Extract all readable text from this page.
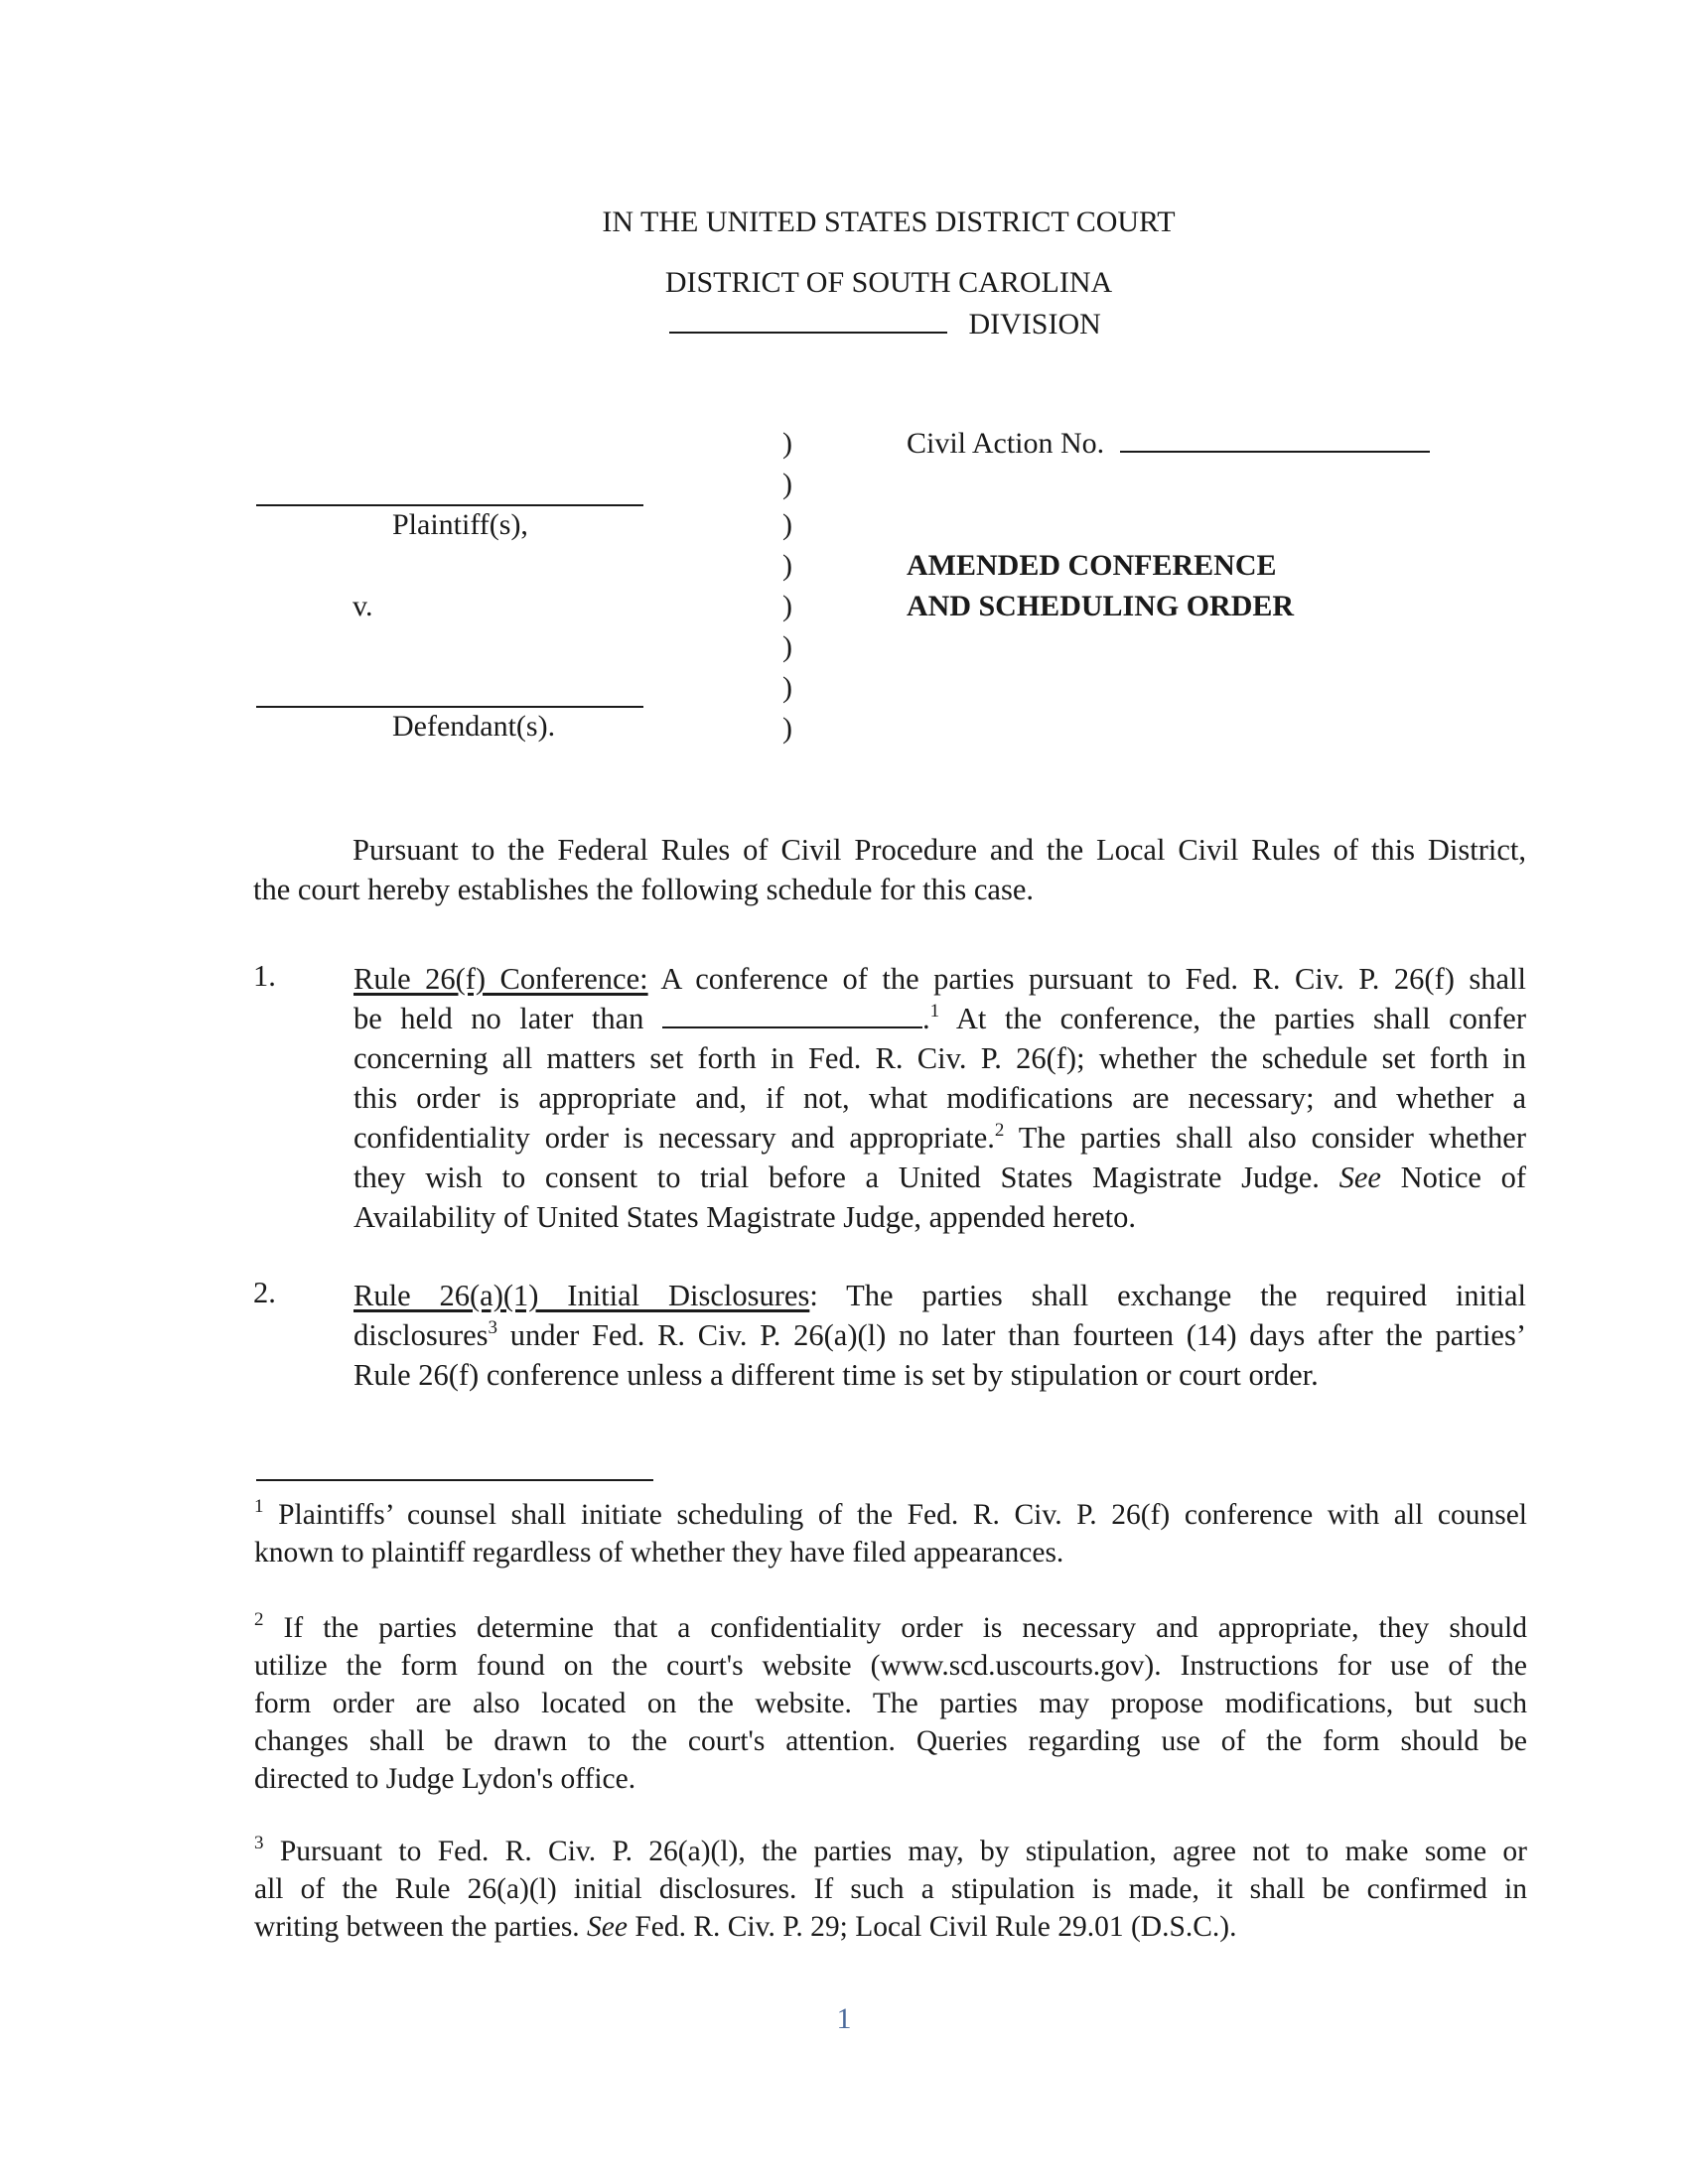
IN THE UNITED STATES DISTRICT COURT
DISTRICT OF SOUTH CAROLINA
DIVISION
Plaintiff(s),
v.
Defendant(s).
)
)
)
)
)
)
)
)
Civil Action No.
AMENDED CONFERENCE
AND SCHEDULING ORDER
Pursuant to the Federal Rules of Civil Procedure and the Local Civil Rules of this District,
the court hereby establishes the following schedule for this case.
1.	Rule 26(f) Conference: A conference of the parties pursuant to Fed. R. Civ. P. 26(f) shall
be held no later than	.$^1$ At the conference, the parties shall confer
concerning all matters set forth in Fed. R. Civ. P. 26(f); whether the schedule set forth in
this order is appropriate and, if not, what modifications are necessary; and whether a
confidentiality order is necessary and appropriate.$^2$ The parties shall also consider whether
they wish to consent to trial before a United States Magistrate Judge. See Notice of
Availability of United States Magistrate Judge, appended hereto.
2.	Rule 26(a)(1) Initial Disclosures: The parties shall exchange the required initial
disclosures$^3$ under Fed. R. Civ. P. 26(a)(l) no later than fourteen (14) days after the parties’
Rule 26(f) conference unless a different time is set by stipulation or court order.
$^1$ Plaintiffs’ counsel shall initiate scheduling of the Fed. R. Civ. P. 26(f) conference with all counsel
known to plaintiff regardless of whether they have filed appearances.
$^2$ If the parties determine that a confidentiality order is necessary and appropriate, they should
utilize the form found on the court's website (www.scd.uscourts.gov). Instructions for use of the
form order are also located on the website. The parties may propose modifications, but such
changes shall be drawn to the court's attention. Queries regarding use of the form should be
directed to Judge Lydon's office.
$^3$ Pursuant to Fed. R. Civ. P. 26(a)(l), the parties may, by stipulation, agree not to make some or
all of the Rule 26(a)(l) initial disclosures. If such a stipulation is made, it shall be confirmed in
writing between the parties. See Fed. R. Civ. P. 29; Local Civil Rule 29.01 (D.S.C.).
1
